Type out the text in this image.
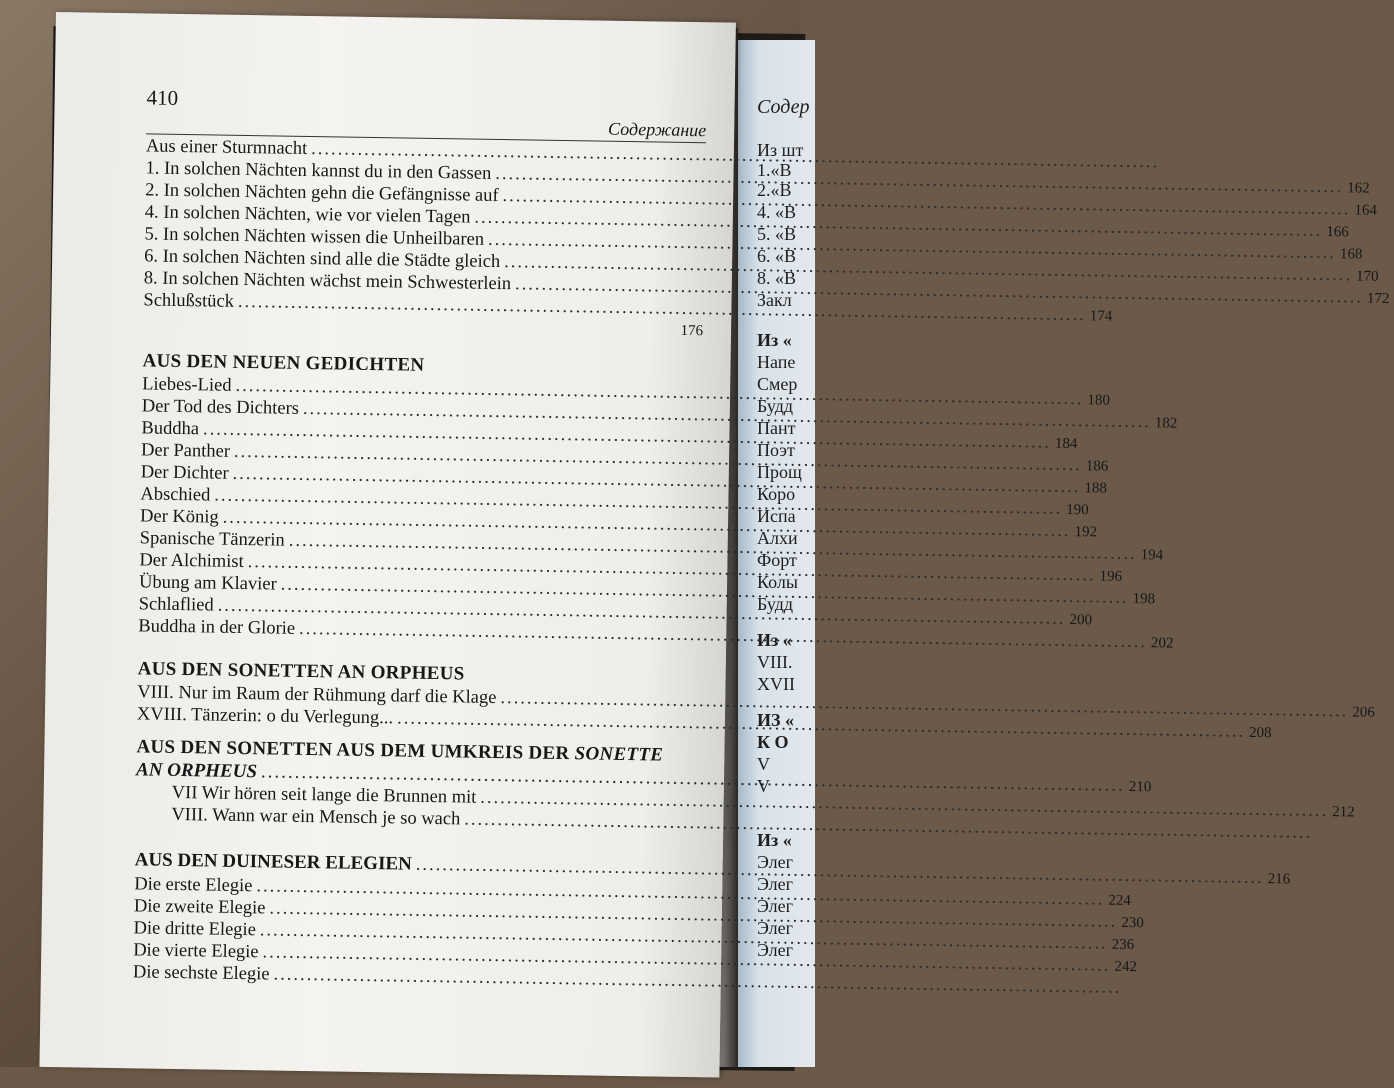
Содер
Из шт
1.«В
2.«В
4. «В
5. «В
6. «В
8. «В
Закл
Из «
Напе
Смер
Будд
Пант
Поэт
Прощ
Коро
Испа
Алхи
Форт
Колы
Будд
Из «
VIII.
XVII
ИЗ «
К О
V
V
Из «
Элег
Элег
Элег
Элег
Элег
410
Содержание
Aus einer Sturmnacht
.....
1. In solchen Nächten kannst du in den Gassen
.....
162
2. In solchen Nächten gehn die Gefängnisse auf
.....
164
4. In solchen Nächten, wie vor vielen Tagen
.....
166
5. In solchen Nächten wissen die Unheilbaren
.....
168
6. In solchen Nächten sind alle die Städte gleich
.....
170
8. In solchen Nächten wächst mein Schwesterlein
.....
172
Schlußstück
.....
174
176
AUS DEN NEUEN GEDICHTEN
Liebes-Lied
.....
180
Der Tod des Dichters
.....
182
Buddha
.....
184
Der Panther
.....
186
Der Dichter
.....
188
Abschied
.....
190
Der König
.....
192
Spanische Tänzerin
.....
194
Der Alchimist
.....
196
Übung am Klavier
.....
198
Schlaflied
.....
200
Buddha in der Glorie
.....
202
AUS DEN SONETTEN AN ORPHEUS
VIII. Nur im Raum der Rühmung darf die Klage
.....
206
XVIII. Tänzerin: o du Verlegung...
.....
208
AUS DEN SONETTEN AUS DEM UMKREIS DER SONETTE
AN ORPHEUS
.....
210
VII Wir hören seit lange die Brunnen mit
.....
212
VIII. Wann war ein Mensch je so wach
.....
AUS DEN DUINESER ELEGIEN
.....
216
Die erste Elegie
.....
224
Die zweite Elegie
.....
230
Die dritte Elegie
.....
236
Die vierte Elegie
.....
242
Die sechste Elegie
.....
